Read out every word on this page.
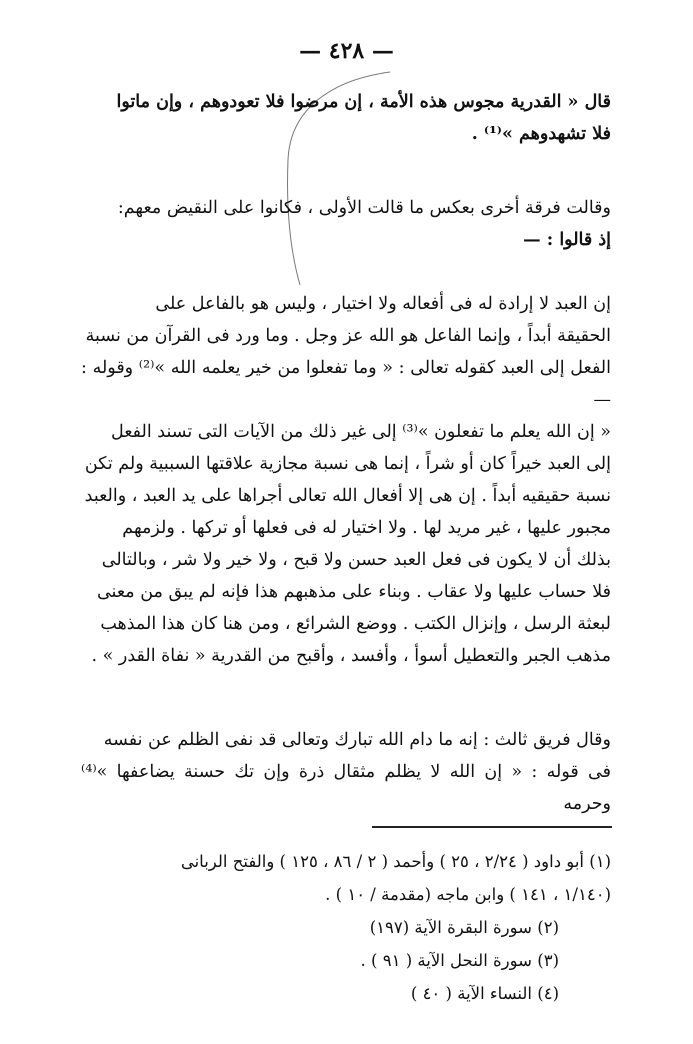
— ٤٢٨ —
قال « القدرية مجوس هذه الأمة ، إن مرضوا فلا تعودوهم ، وإن ماتوا
فلا تشهدوهم »⁽¹⁾ .
وقالت فرقة أخرى بعكس ما قالت الأولى ، فكانوا على النقيض معهم:
إذ قالوا : —
إن العبد لا إرادة له فى أفعاله ولا اختيار ، وليس هو بالفاعل على
الحقيقة أبداً ، وإنما الفاعل هو الله عز وجل . وما ورد فى القرآن من نسبة
الفعل إلى العبد كقوله تعالى : « وما تفعلوا من خير يعلمه الله »⁽²⁾ وقوله : —
« إن الله يعلم ما تفعلون »⁽³⁾ إلى غير ذلك من الآيات التى تسند الفعل
إلى العبد خيراً كان أو شراً ، إنما هى نسبة مجازية علاقتها السببية ولم تكن
نسبة حقيقيه أبداً . إن هى إلا أفعال الله تعالى أجراها على يد العبد ، والعبد
مجبور عليها ، غير مريد لها . ولا اختيار له فى فعلها أو تركها . ولزمهم
بذلك أن لا يكون فى فعل العبد حسن ولا قبح ، ولا خير ولا شر ، وبالتالى
فلا حساب عليها ولا عقاب . وبناء على مذهبهم هذا فإنه لم يبق من معنى
لبعثة الرسل ، وإنزال الكتب . ووضع الشرائع ، ومن هنا كان هذا المذهب
مذهب الجبر والتعطيل أسوأ ، وأفسد ، وأقبح من القدرية « نفاة القدر » .
وقال فريق ثالث : إنه ما دام الله تبارك وتعالى قد نفى الظلم عن نفسه
فى قوله : « إن الله لا يظلم مثقال ذرة وإن تك حسنة يضاعفها »⁽⁴⁾ وحرمه
(١) أبو داود ( ٢/٢٤ ، ٢٥ ) وأحمد ( ٢ / ٨٦ ، ١٢٥ ) والفتح الربانى
(١/١٤٠ ، ١٤١ ) وابن ماجه (مقدمة / ١٠ ) .
(٢) سورة البقرة الآية (١٩٧)
(٣) سورة النحل الآية ( ٩١ ) .
(٤) النساء الآية ( ٤٠ )
